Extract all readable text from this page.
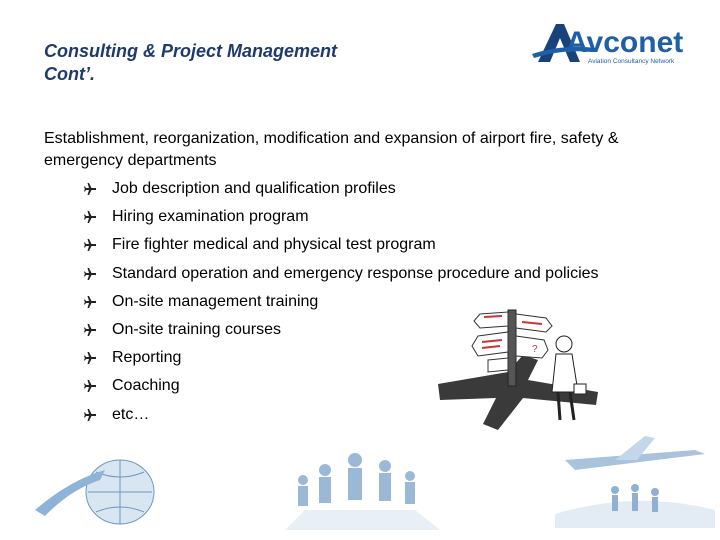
Consulting & Project Management
Cont’.
Avconet
Aviation Consultancy Network
Establishment, reorganization, modification and expansion of airport fire, safety & emergency departments
Job description and qualification profiles
Hiring examination program
Fire fighter medical and physical test program
Standard operation and emergency response procedure and policies
On-site management training
On-site training courses
Reporting
Coaching
etc…
?
